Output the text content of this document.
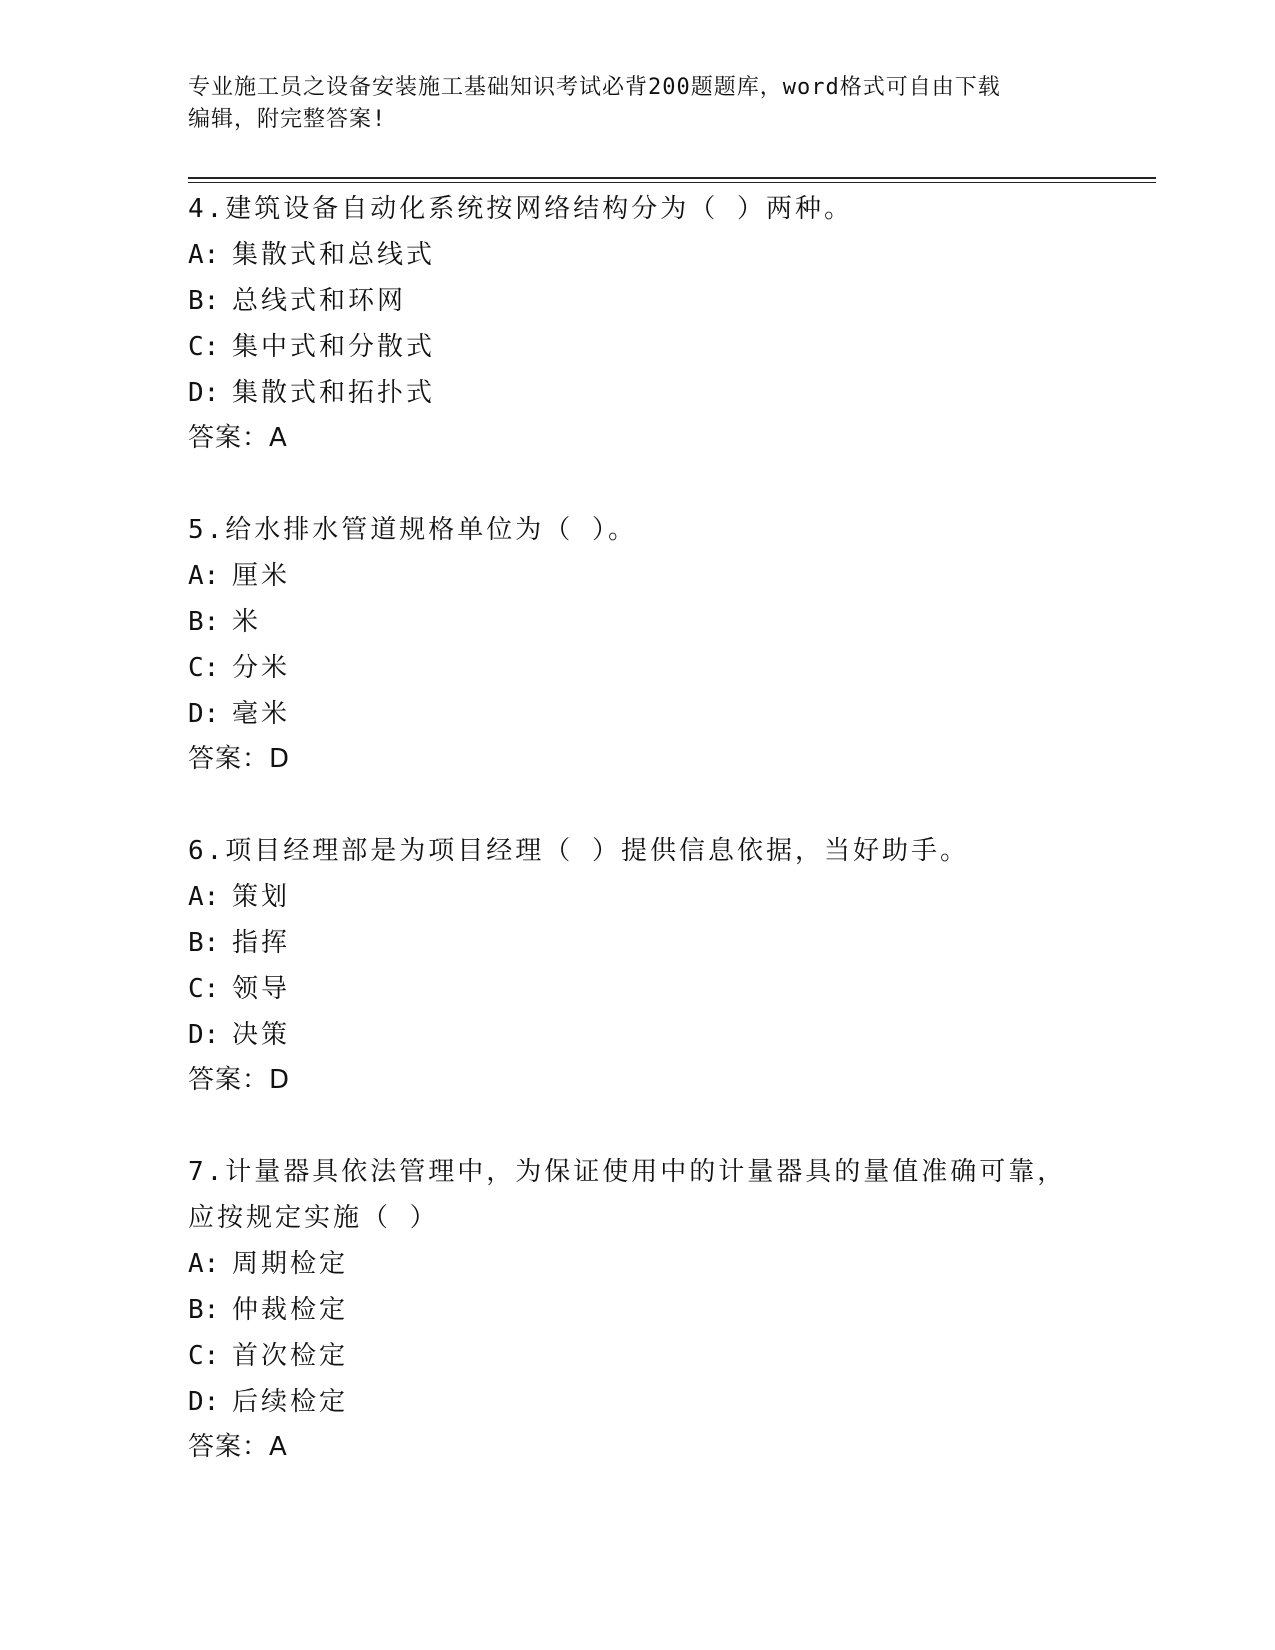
专业施工员之设备安装施工基础知识考试必背200题题库，word格式可自由下载
编辑，附完整答案!
4.建筑设备自动化系统按网络结构分为（ ）两种。
A: 集散式和总线式
B: 总线式和环网
C: 集中式和分散式
D: 集散式和拓扑式
答案：A
5.给水排水管道规格单位为（ ）。
A: 厘米
B: 米
C: 分米
D: 毫米
答案：D
6.项目经理部是为项目经理（ ）提供信息依据，当好助手。
A: 策划
B: 指挥
C: 领导
D: 决策
答案：D
7.计量器具依法管理中，为保证使用中的计量器具的量值准确可靠，
应按规定实施（ ）
A: 周期检定
B: 仲裁检定
C: 首次检定
D: 后续检定
答案：A
